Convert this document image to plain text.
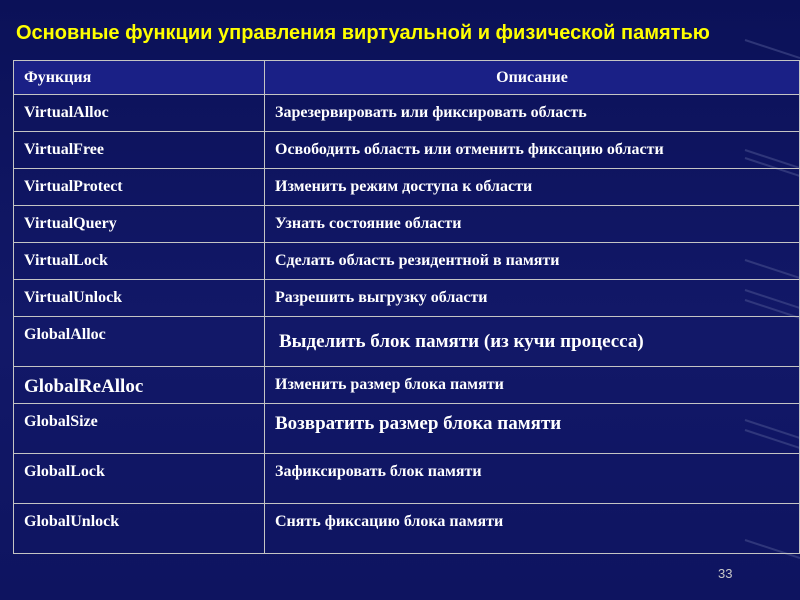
Основные функции управления виртуальной и физической памятью
Функция	Описание
VirtualAlloc	Зарезервировать или фиксировать область
VirtualFree	Освободить область или отменить фиксацию области
VirtualProtect	Изменить режим доступа к области
VirtualQuery	Узнать состояние области
VirtualLock	Сделать область резидентной в памяти
VirtualUnlock	Разрешить выгрузку области
GlobalAlloc	Выделить блок памяти (из кучи процесса)
GlobalReAlloc	Изменить размер блока памяти
GlobalSize	Возвратить размер блока памяти
GlobalLock	Зафиксировать блок памяти
GlobalUnlock	Снять фиксацию блока памяти
33
